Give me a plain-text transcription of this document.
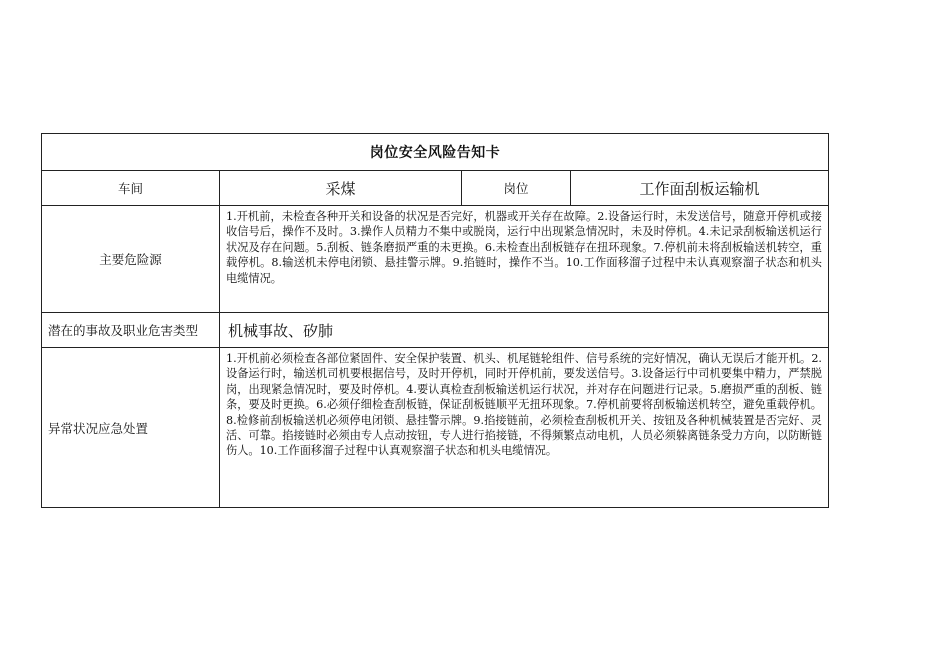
岗位安全风险告知卡			
车间	采煤	岗位	工作面刮板运输机
主要危险源	1.开机前，未检查各种开关和设备的状况是否完好，机器或开关存在故障。2.设备运行时，未发送信号，随意开停机或接收信号后，操作不及时。3.操作人员精力不集中或脱岗，运行中出现紧急情况时，未及时停机。4.未记录刮板输送机运行状况及存在问题。5.刮板、链条磨损严重的未更换。6.未检查出刮板链存在扭环现象。7.停机前未将刮板输送机转空，重载停机。8.输送机未停电闭锁、悬挂警示牌。9.掐链时，操作不当。10.工作面移溜子过程中未认真观察溜子状态和机头电缆情况。		
潜在的事故及职业危害类型	机械事故、矽肺		
异常状况应急处置	1.开机前必须检查各部位紧固件、安全保护装置、机头、机尾链轮组件、信号系统的完好情况，确认无误后才能开机。2.设备运行时，输送机司机要根据信号，及时开停机，同时开停机前，要发送信号。3.设备运行中司机要集中精力，严禁脱岗，出现紧急情况时，要及时停机。4.要认真检查刮板输送机运行状况，并对存在问题进行记录。5.磨损严重的刮板、链条，要及时更换。6.必须仔细检查刮板链，保证刮板链顺平无扭环现象。7.停机前要将刮板输送机转空，避免重载停机。8.检修前刮板输送机必须停电闭锁、悬挂警示牌。9.掐接链前，必须检查刮板机开关、按钮及各种机械装置是否完好、灵活、可靠。掐接链时必须由专人点动按钮，专人进行掐接链，不得频繁点动电机，人员必须躲离链条受力方向，以防断链伤人。10.工作面移溜子过程中认真观察溜子状态和机头电缆情况。		
